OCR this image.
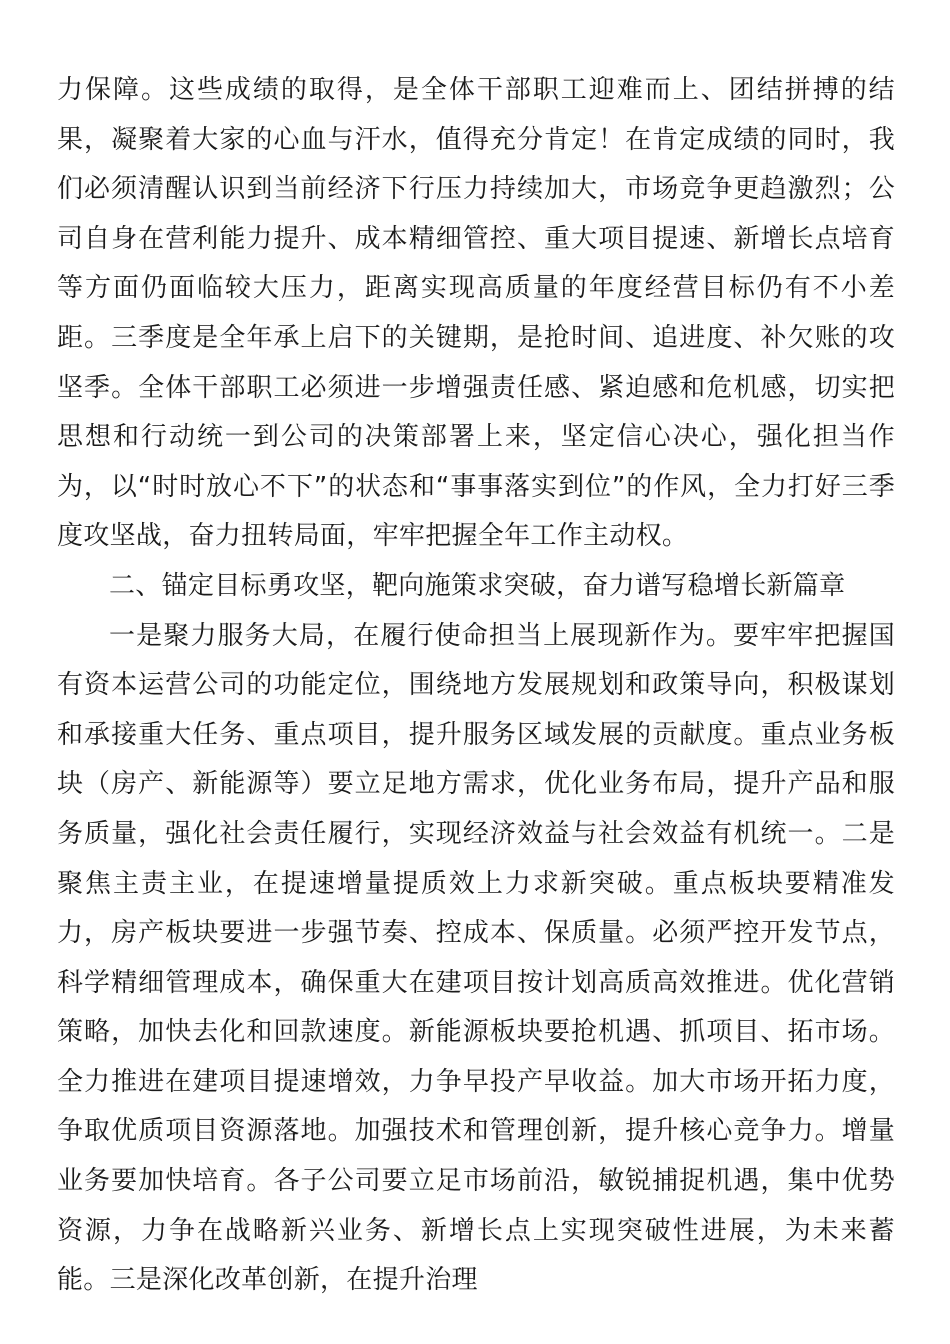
力保障。这些成绩的取得，是全体干部职工迎难而上、团结拼搏的结果，凝聚着大家的心血与汗水，值得充分肯定！在肯定成绩的同时，我们必须清醒认识到当前经济下行压力持续加大，市场竞争更趋激烈；公司自身在营利能力提升、成本精细管控、重大项目提速、新增长点培育等方面仍面临较大压力，距离实现高质量的年度经营目标仍有不小差距。三季度是全年承上启下的关键期，是抢时间、追进度、补欠账的攻坚季。全体干部职工必须进一步增强责任感、紧迫感和危机感，切实把思想和行动统一到公司的决策部署上来，坚定信心决心，强化担当作为，以“时时放心不下”的状态和“事事落实到位”的作风，全力打好三季度攻坚战，奋力扭转局面，牢牢把握全年工作主动权。

二、锚定目标勇攻坚，靶向施策求突破，奋力谱写稳增长新篇章

一是聚力服务大局，在履行使命担当上展现新作为。要牢牢把握国有资本运营公司的功能定位，围绕地方发展规划和政策导向，积极谋划和承接重大任务、重点项目，提升服务区域发展的贡献度。重点业务板块（房产、新能源等）要立足地方需求，优化业务布局，提升产品和服务质量，强化社会责任履行，实现经济效益与社会效益有机统一。二是聚焦主责主业，在提速增量提质效上力求新突破。重点板块要精准发力，房产板块要进一步强节奏、控成本、保质量。必须严控开发节点，科学精细管理成本，确保重大在建项目按计划高质高效推进。优化营销策略，加快去化和回款速度。新能源板块要抢机遇、抓项目、拓市场。全力推进在建项目提速增效，力争早投产早收益。加大市场开拓力度，争取优质项目资源落地。加强技术和管理创新，提升核心竞争力。增量业务要加快培育。各子公司要立足市场前沿，敏锐捕捉机遇，集中优势资源，力争在战略新兴业务、新增长点上实现突破性进展，为未来蓄能。三是深化改革创新，在提升治理
